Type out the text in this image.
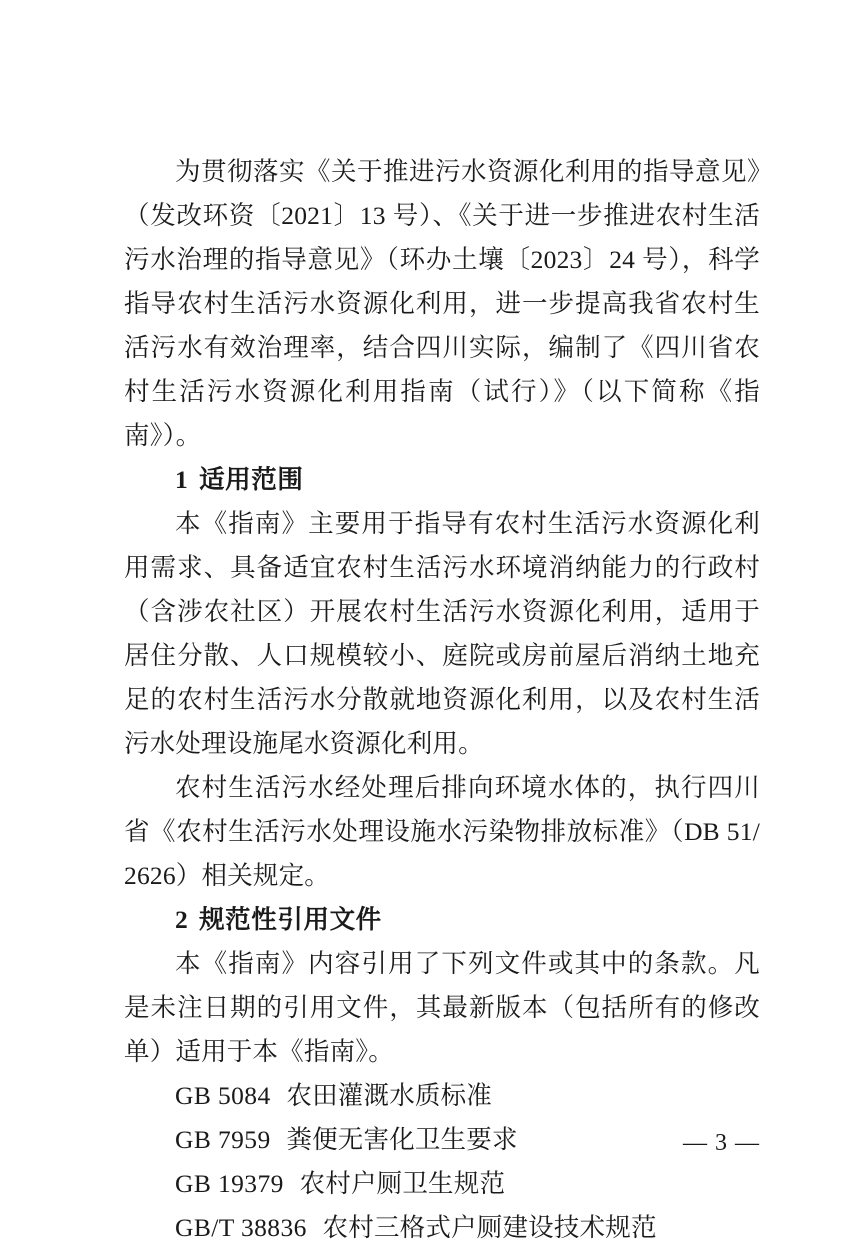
为贯彻落实《关于推进污水资源化利用的指导意见》（发改环资〔2021〕13 号）、《关于进一步推进农村生活污水治理的指导意见》（环办土壤〔2023〕24 号），科学指导农村生活污水资源化利用，进一步提高我省农村生活污水有效治理率，结合四川实际，编制了《四川省农村生活污水资源化利用指南（试行）》（以下简称《指南》）。

1 适用范围

本《指南》主要用于指导有农村生活污水资源化利用需求、具备适宜农村生活污水环境消纳能力的行政村（含涉农社区）开展农村生活污水资源化利用，适用于居住分散、人口规模较小、庭院或房前屋后消纳土地充足的农村生活污水分散就地资源化利用，以及农村生活污水处理设施尾水资源化利用。

农村生活污水经处理后排向环境水体的，执行四川省《农村生活污水处理设施水污染物排放标准》（DB 51/2626）相关规定。

2 规范性引用文件

本《指南》内容引用了下列文件或其中的条款。凡是未注日期的引用文件，其最新版本（包括所有的修改单）适用于本《指南》。

GB 5084 农田灌溉水质标准

GB 7959 粪便无害化卫生要求

GB 19379 农村户厕卫生规范

GB/T 38836 农村三格式户厕建设技术规范

— 3 —
